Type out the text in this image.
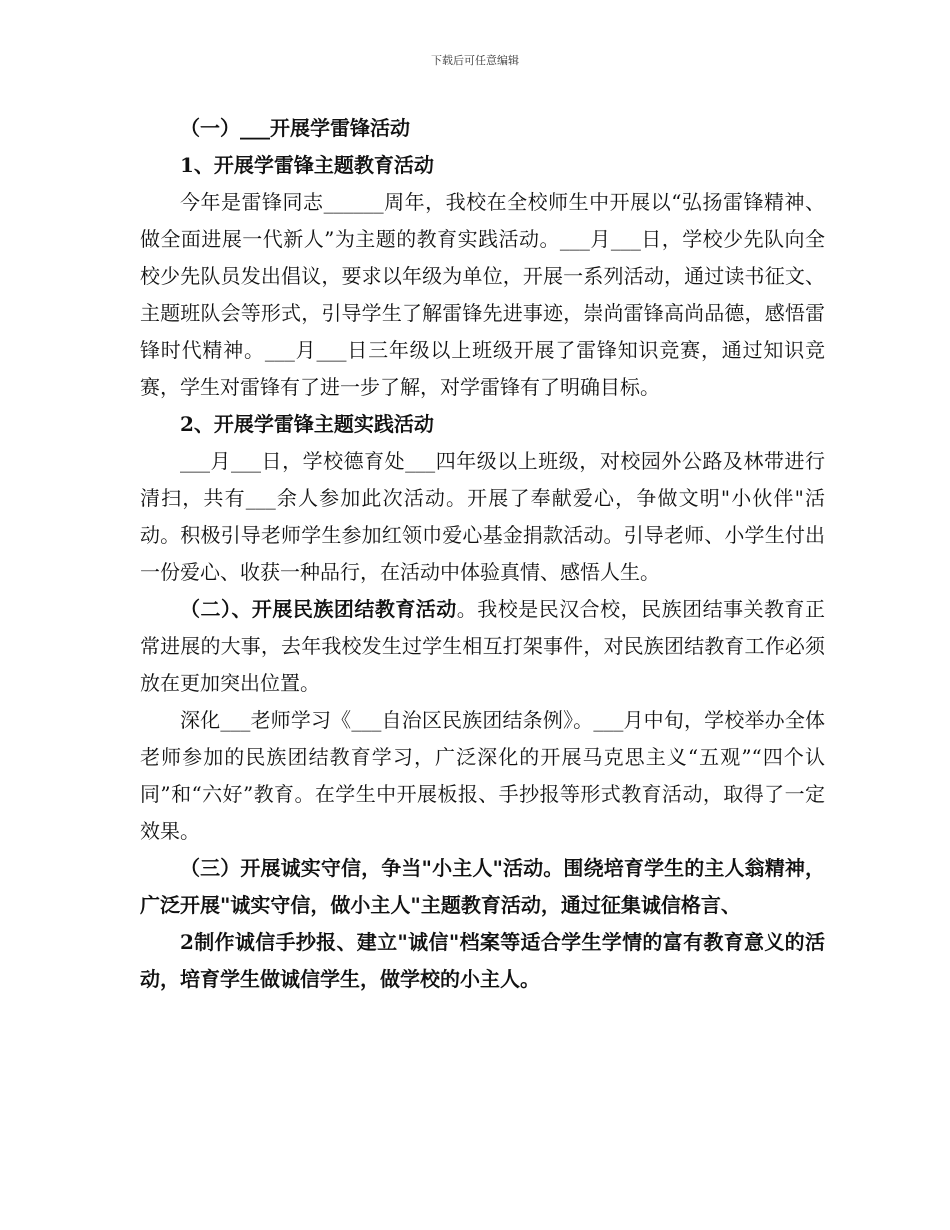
下载后可任意编辑

（一）___开展学雷锋活动

1、开展学雷锋主题教育活动

今年是雷锋同志______周年，我校在全校师生中开展以“弘扬雷锋精神、做全面进展一代新人”为主题的教育实践活动。___月___日，学校少先队向全校少先队员发出倡议，要求以年级为单位，开展一系列活动，通过读书征文、主题班队会等形式，引导学生了解雷锋先进事迹，崇尚雷锋高尚品德，感悟雷锋时代精神。___月___日三年级以上班级开展了雷锋知识竞赛，通过知识竞赛，学生对雷锋有了进一步了解，对学雷锋有了明确目标。

2、开展学雷锋主题实践活动

___月___日，学校德育处___四年级以上班级，对校园外公路及林带进行清扫，共有___余人参加此次活动。开展了奉献爱心，争做文明"小伙伴"活动。积极引导老师学生参加红领巾爱心基金捐款活动。引导老师、小学生付出一份爱心、收获一种品行，在活动中体验真情、感悟人生。

（二）、开展民族团结教育活动。我校是民汉合校，民族团结事关教育正常进展的大事，去年我校发生过学生相互打架事件，对民族团结教育工作必须放在更加突出位置。

深化___老师学习《___自治区民族团结条例》。___月中旬，学校举办全体老师参加的民族团结教育学习，广泛深化的开展马克思主义“五观”“四个认同”和“六好”教育。在学生中开展板报、手抄报等形式教育活动，取得了一定效果。

（三）开展诚实守信，争当"小主人"活动。围绕培育学生的主人翁精神，广泛开展"诚实守信，做小主人"主题教育活动，通过征集诚信格言、

2制作诚信手抄报、建立"诚信"档案等适合学生学情的富有教育意义的活动，培育学生做诚信学生，做学校的小主人。
